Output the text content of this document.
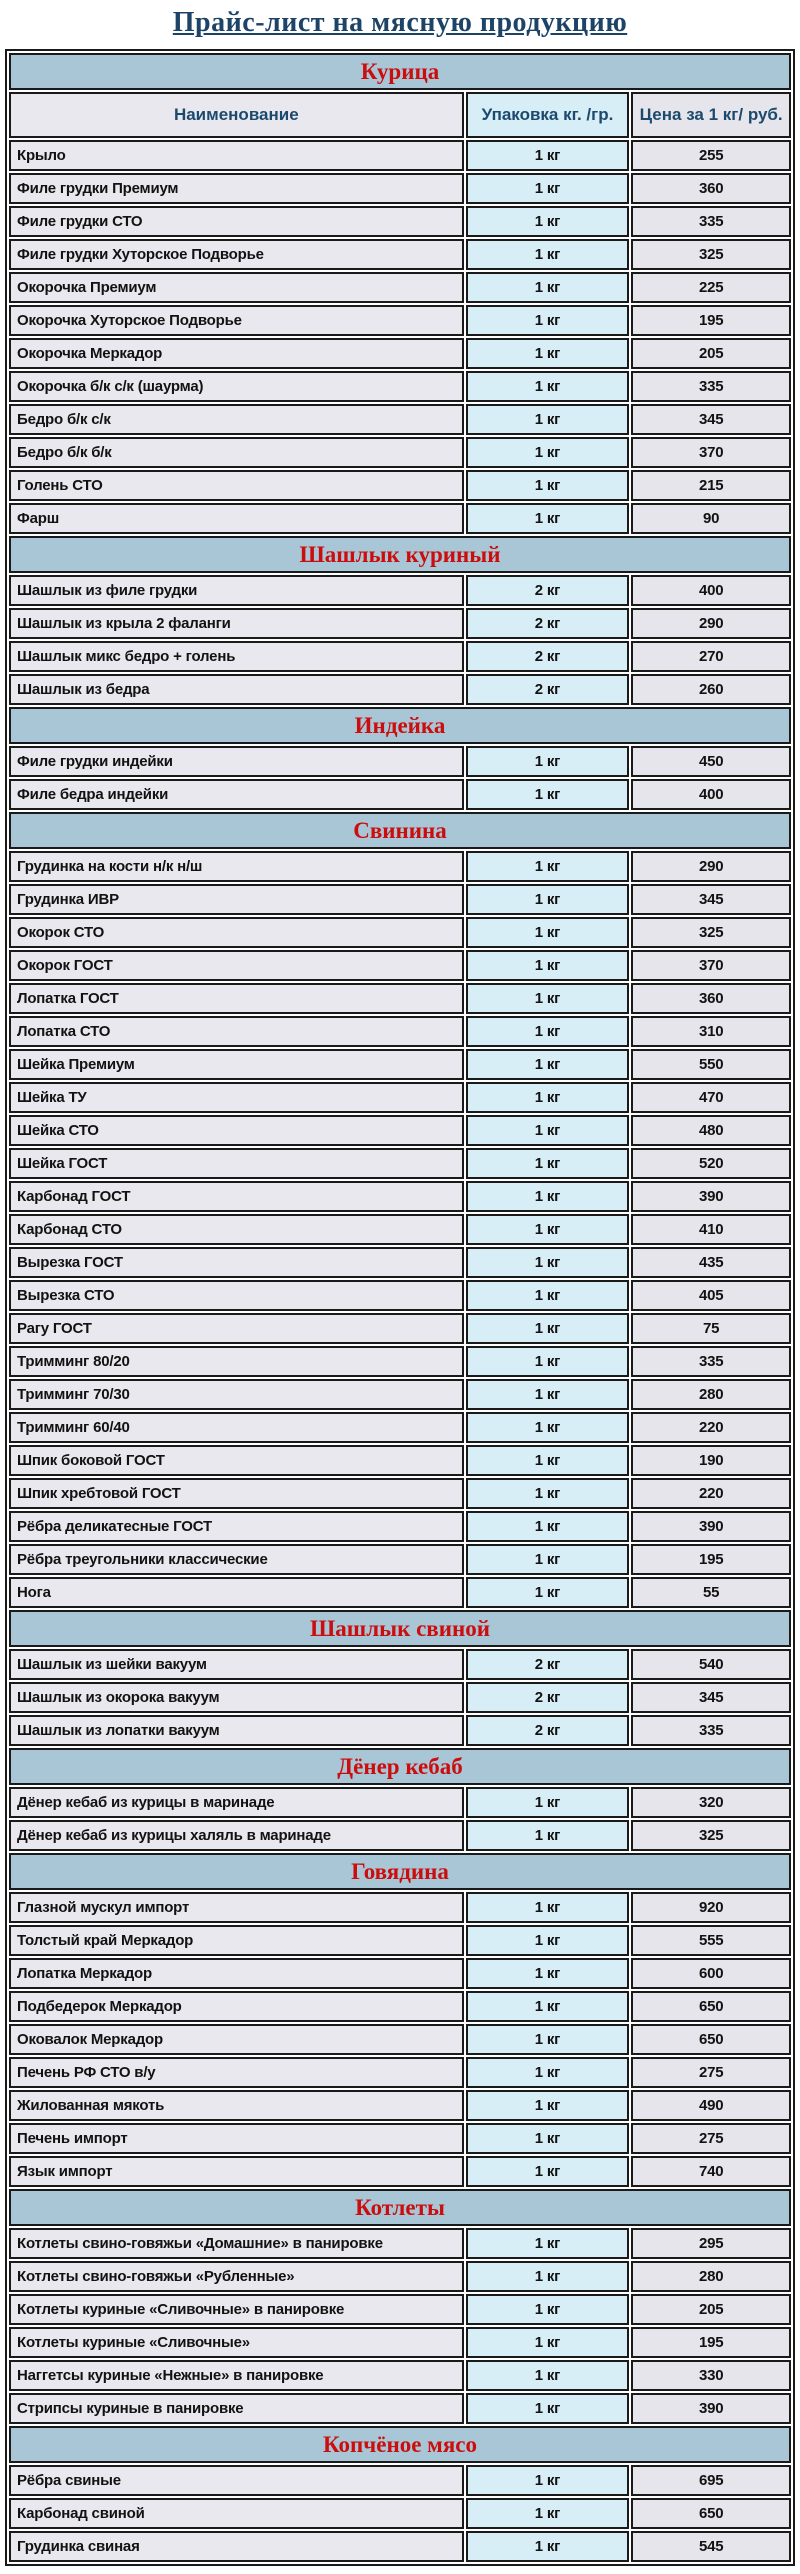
Прайс-лист на мясную продукцию
Курица		
Наименование	Упаковка кг. /гр.	Цена за 1 кг/ руб.
Крыло	1 кг	255
Филе грудки Премиум	1 кг	360
Филе грудки СТО	1 кг	335
Филе грудки Хуторское Подворье	1 кг	325
Окорочка Премиум	1 кг	225
Окорочка Хуторское Подворье	1 кг	195
Окорочка Меркадор	1 кг	205
Окорочка б/к с/к (шаурма)	1 кг	335
Бедро б/к с/к	1 кг	345
Бедро б/к б/к	1 кг	370
Голень СТО	1 кг	215
Фарш	1 кг	90
Шашлык куриный		
Шашлык из филе грудки	2 кг	400
Шашлык из крыла 2 фаланги	2 кг	290
Шашлык микс бедро + голень	2 кг	270
Шашлык из бедра	2 кг	260
Индейка		
Филе грудки индейки	1 кг	450
Филе бедра индейки	1 кг	400
Свинина		
Грудинка на кости н/к н/ш	1 кг	290
Грудинка ИВР	1 кг	345
Окорок СТО	1 кг	325
Окорок ГОСТ	1 кг	370
Лопатка ГОСТ	1 кг	360
Лопатка СТО	1 кг	310
Шейка Премиум	1 кг	550
Шейка ТУ	1 кг	470
Шейка СТО	1 кг	480
Шейка ГОСТ	1 кг	520
Карбонад ГОСТ	1 кг	390
Карбонад СТО	1 кг	410
Вырезка ГОСТ	1 кг	435
Вырезка СТО	1 кг	405
Рагу ГОСТ	1 кг	75
Тримминг 80/20	1 кг	335
Тримминг 70/30	1 кг	280
Тримминг 60/40	1 кг	220
Шпик боковой ГОСТ	1 кг	190
Шпик хребтовой ГОСТ	1 кг	220
Рёбра деликатесные ГОСТ	1 кг	390
Рёбра треугольники классические	1 кг	195
Нога	1 кг	55
Шашлык свиной		
Шашлык из шейки вакуум	2 кг	540
Шашлык из окорока вакуум	2 кг	345
Шашлык из лопатки вакуум	2 кг	335
Дёнер кебаб		
Дёнер кебаб из курицы в маринаде	1 кг	320
Дёнер кебаб из курицы халяль в маринаде	1 кг	325
Говядина		
Глазной мускул импорт	1 кг	920
Толстый край Меркадор	1 кг	555
Лопатка Меркадор	1 кг	600
Подбедерок Меркадор	1 кг	650
Оковалок Меркадор	1 кг	650
Печень РФ СТО в/у	1 кг	275
Жилованная мякоть	1 кг	490
Печень импорт	1 кг	275
Язык импорт	1 кг	740
Котлеты		
Котлеты свино-говяжьи «Домашние» в панировке	1 кг	295
Котлеты свино-говяжьи «Рубленные»	1 кг	280
Котлеты куриные «Сливочные» в панировке	1 кг	205
Котлеты куриные «Сливочные»	1 кг	195
Наггетсы куриные «Нежные» в панировке	1 кг	330
Стрипсы куриные в панировке	1 кг	390
Копчёное мясо		
Рёбра свиные	1 кг	695
Карбонад свиной	1 кг	650
Грудинка свиная	1 кг	545
